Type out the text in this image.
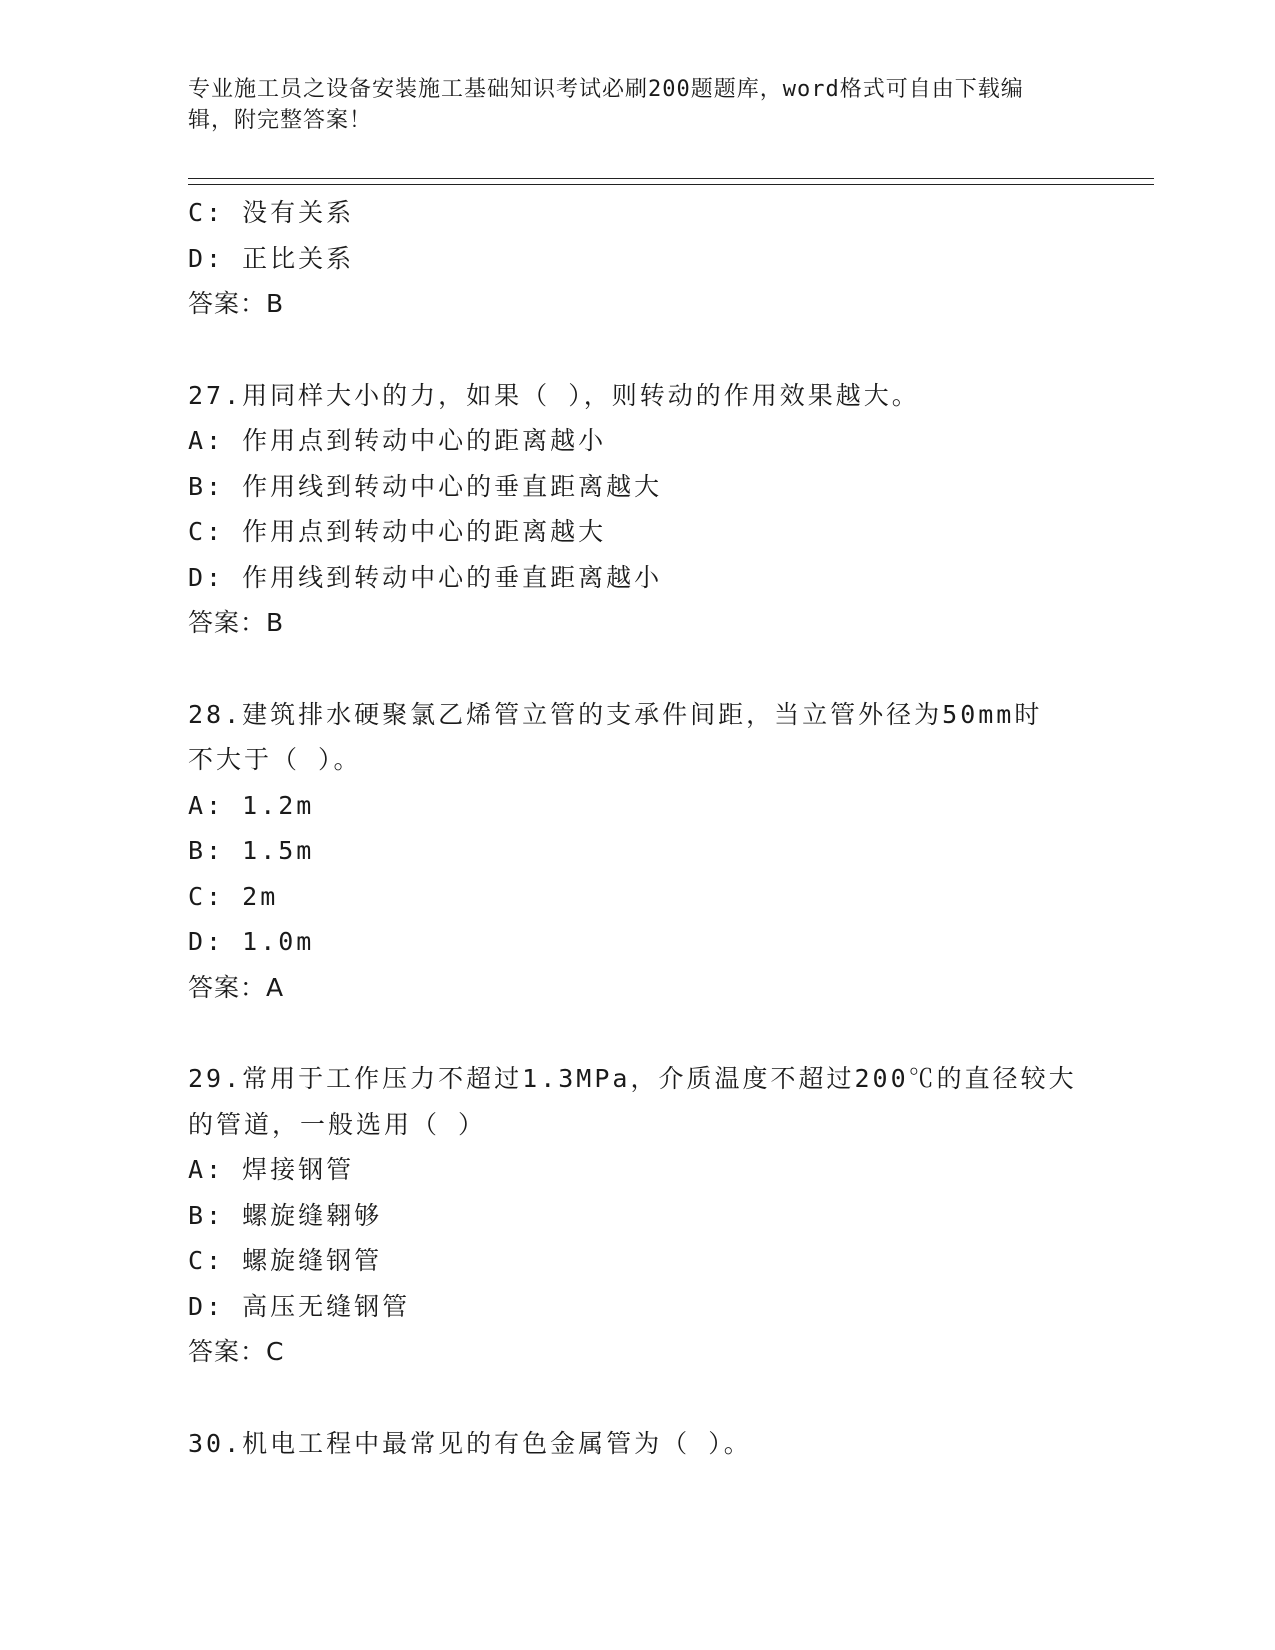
专业施工员之设备安装施工基础知识考试必刷200题题库，word格式可自由下载编辑，附完整答案！
C: 没有关系
D: 正比关系
答案：B
27.用同样大小的力，如果（ ），则转动的作用效果越大。
A: 作用点到转动中心的距离越小
B: 作用线到转动中心的垂直距离越大
C: 作用点到转动中心的距离越大
D: 作用线到转动中心的垂直距离越小
答案：B
28.建筑排水硬聚氯乙烯管立管的支承件间距，当立管外径为50mm时
不大于（ ）。
A: 1.2m
B: 1.5m
C: 2m
D: 1.0m
答案：A
29.常用于工作压力不超过1.3MPa，介质温度不超过200℃的直径较大
的管道，一般选用（ ）
A: 焊接钢管
B: 螺旋缝翱够
C: 螺旋缝钢管
D: 高压无缝钢管
答案：C
30.机电工程中最常见的有色金属管为（ ）。
